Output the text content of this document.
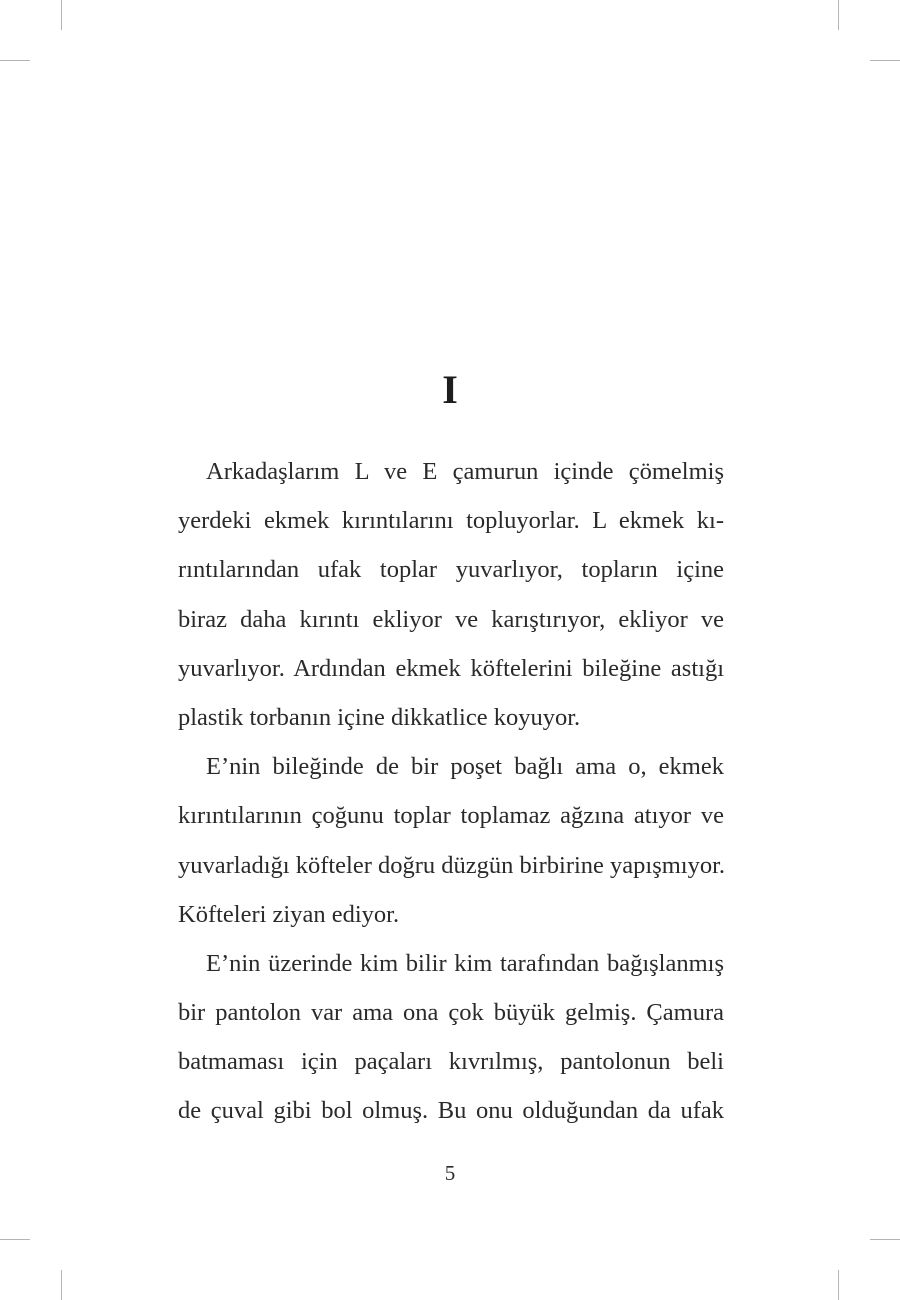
I
Arkadaşlarım L ve E çamurun içinde çömelmiş
yerdeki ekmek kırıntılarını topluyorlar. L ekmek kı-
rıntılarından ufak toplar yuvarlıyor, topların içine
biraz daha kırıntı ekliyor ve karıştırıyor, ekliyor ve
yuvarlıyor. Ardından ekmek köftelerini bileğine astığı
plastik torbanın içine dikkatlice koyuyor.
E’nin bileğinde de bir poşet bağlı ama o, ekmek
kırıntılarının çoğunu toplar toplamaz ağzına atıyor ve
yuvarladığı köfteler doğru düzgün birbirine yapışmıyor.
Köfteleri ziyan ediyor.
E’nin üzerinde kim bilir kim tarafından bağışlanmış
bir pantolon var ama ona çok büyük gelmiş. Çamura
batmaması için paçaları kıvrılmış, pantolonun beli
de çuval gibi bol olmuş. Bu onu olduğundan da ufak
5
